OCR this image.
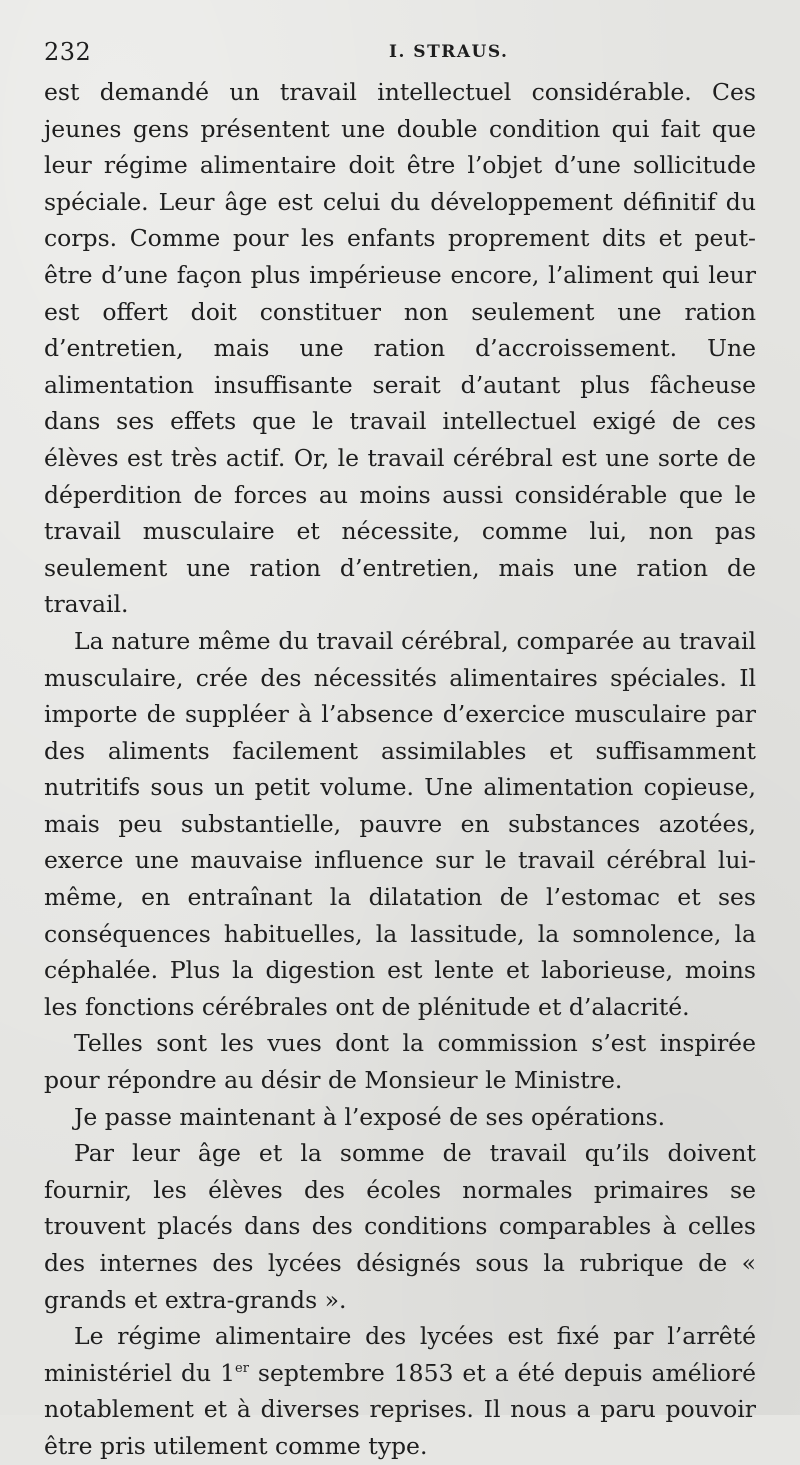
232	I. STRAUS.

est demandé un travail intellectuel considérable. Ces jeunes gens présentent une double condition qui fait que leur régime alimentaire doit être l’objet d’une sollicitude spéciale. Leur âge est celui du développement définitif du corps. Comme pour les enfants proprement dits et peut-être d’une façon plus impérieuse encore, l’aliment qui leur est offert doit constituer non seulement une ration d’entretien, mais une ration d’accroissement. Une alimentation insuffisante serait d’autant plus fâcheuse dans ses effets que le travail intellectuel exigé de ces élèves est très actif. Or, le travail cérébral est une sorte de déperdition de forces au moins aussi considérable que le travail musculaire et nécessite, comme lui, non pas seulement une ration d’entretien, mais une ration de travail.

La nature même du travail cérébral, comparée au travail musculaire, crée des nécessités alimentaires spéciales. Il importe de suppléer à l’absence d’exercice musculaire par des aliments facilement assimilables et suffisamment nutritifs sous un petit volume. Une alimentation copieuse, mais peu substantielle, pauvre en substances azotées, exerce une mauvaise influence sur le travail cérébral lui-même, en entraînant la dilatation de l’estomac et ses conséquences habituelles, la lassitude, la somnolence, la céphalée. Plus la digestion est lente et laborieuse, moins les fonctions cérébrales ont de plénitude et d’alacrité.

Telles sont les vues dont la commission s’est inspirée pour répondre au désir de Monsieur le Ministre.

Je passe maintenant à l’exposé de ses opérations.

Par leur âge et la somme de travail qu’ils doivent fournir, les élèves des écoles normales primaires se trouvent placés dans des conditions comparables à celles des internes des lycées désignés sous la rubrique de « grands et extra-grands ».

Le régime alimentaire des lycées est fixé par l’arrêté ministériel du 1er septembre 1853 et a été depuis amélioré notablement et à diverses reprises. Il nous a paru pouvoir être pris utilement comme type.
